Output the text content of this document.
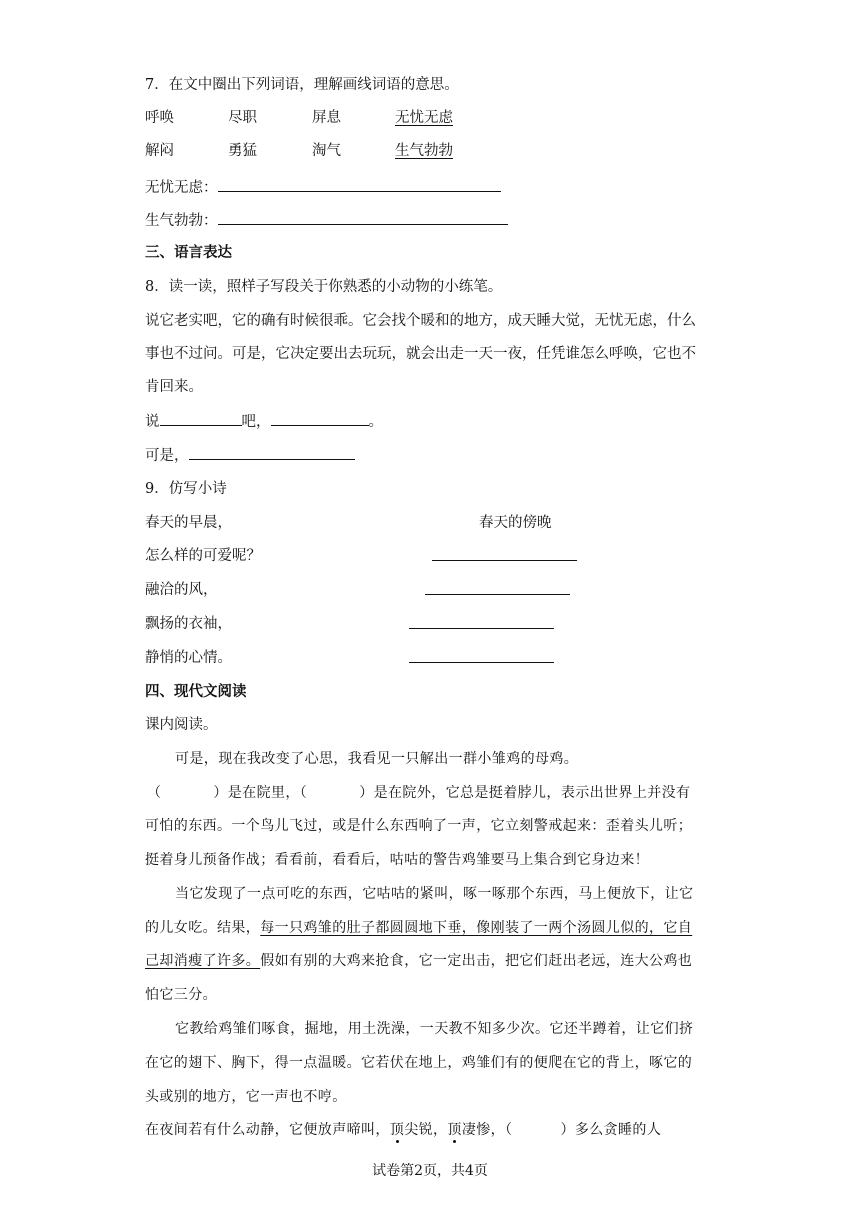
7．在文中圈出下列词语，理解画线词语的意思。
呼唤	尽职	屏息	无忧无虑
解闷	勇猛	淘气	生气勃勃
无忧无虑：
生气勃勃：
三、语言表达
8．读一读，照样子写段关于你熟悉的小动物的小练笔。
说它老实吧，它的确有时候很乖。它会找个暖和的地方，成天睡大觉，无忧无虑，什么
事也不过问。可是，它决定要出去玩玩，就会出走一天一夜，任凭谁怎么呼唤，它也不
肯回来。
说	吧，	。
可是，
9．仿写小诗
春天的早晨，	春天的傍晚
怎么样的可爱呢？
融洽的风，
飘扬的衣袖，
静悄的心情。
四、现代文阅读
课内阅读。
可是，现在我改变了心思，我看见一只解出一群小雏鸡的母鸡。
（	）是在院里，（	）是在院外，它总是挺着脖儿，表示出世界上并没有
可怕的东西。一个鸟儿飞过，或是什么东西响了一声，它立刻警戒起来：歪着头儿听；
挺着身儿预备作战；看看前，看看后，咕咕的警告鸡雏要马上集合到它身边来！
当它发现了一点可吃的东西，它咕咕的紧叫，啄一啄那个东西，马上便放下，让它
的儿女吃。结果，每一只鸡雏的肚子都圆圆地下垂，像刚装了一两个汤圆儿似的，它自
己却消瘦了许多。假如有别的大鸡来抢食，它一定出击，把它们赶出老远，连大公鸡也
怕它三分。
它教给鸡雏们啄食，掘地，用土洗澡，一天教不知多少次。它还半蹲着，让它们挤
在它的翅下、胸下，得一点温暖。它若伏在地上，鸡雏们有的便爬在它的背上，啄它的
头或别的地方，它一声也不哼。
在夜间若有什么动静，它便放声啼叫，顶尖锐，顶凄惨，（	）多么贪睡的人
试卷第2页，共4页
